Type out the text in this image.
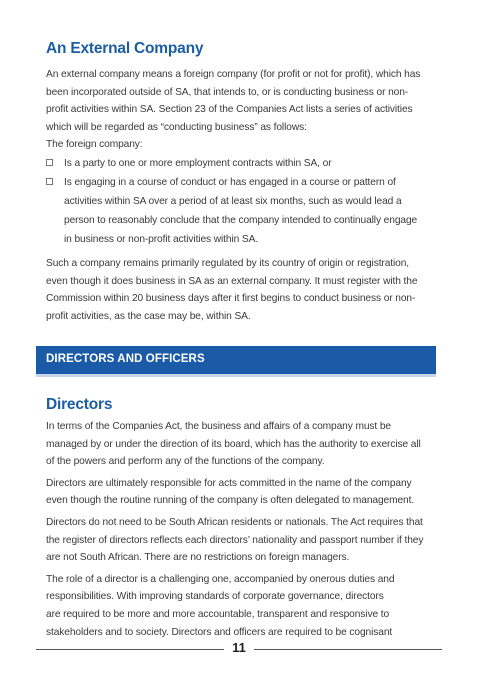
An External Company

An external company means a foreign company (for profit or not for profit), which has
been incorporated outside of SA, that intends to, or is conducting business or non-
profit activities within SA. Section 23 of the Companies Act lists a series of activities
which will be regarded as “conducting business” as follows:
The foreign company:

Is a party to one or more employment contracts within SA, or
Is engaging in a course of conduct or has engaged in a course or pattern of
activities within SA over a period of at least six months, such as would lead a
person to reasonably conclude that the company intended to continually engage
in business or non-profit activities within SA.

Such a company remains primarily regulated by its country of origin or registration,
even though it does business in SA as an external company. It must register with the
Commission within 20 business days after it first begins to conduct business or non-
profit activities, as the case may be, within SA.

DIRECTORS AND OFFICERS
Directors

In terms of the Companies Act, the business and affairs of a company must be
managed by or under the direction of its board, which has the authority to exercise all
of the powers and perform any of the functions of the company.

Directors are ultimately responsible for acts committed in the name of the company
even though the routine running of the company is often delegated to management.

Directors do not need to be South African residents or nationals. The Act requires that
the register of directors reflects each directors’ nationality and passport number if they
are not South African. There are no restrictions on foreign managers.

The role of a director is a challenging one, accompanied by onerous duties and
responsibilities. With improving standards of corporate governance, directors
are required to be more and more accountable, transparent and responsive to
stakeholders and to society. Directors and officers are required to be cognisant

11
